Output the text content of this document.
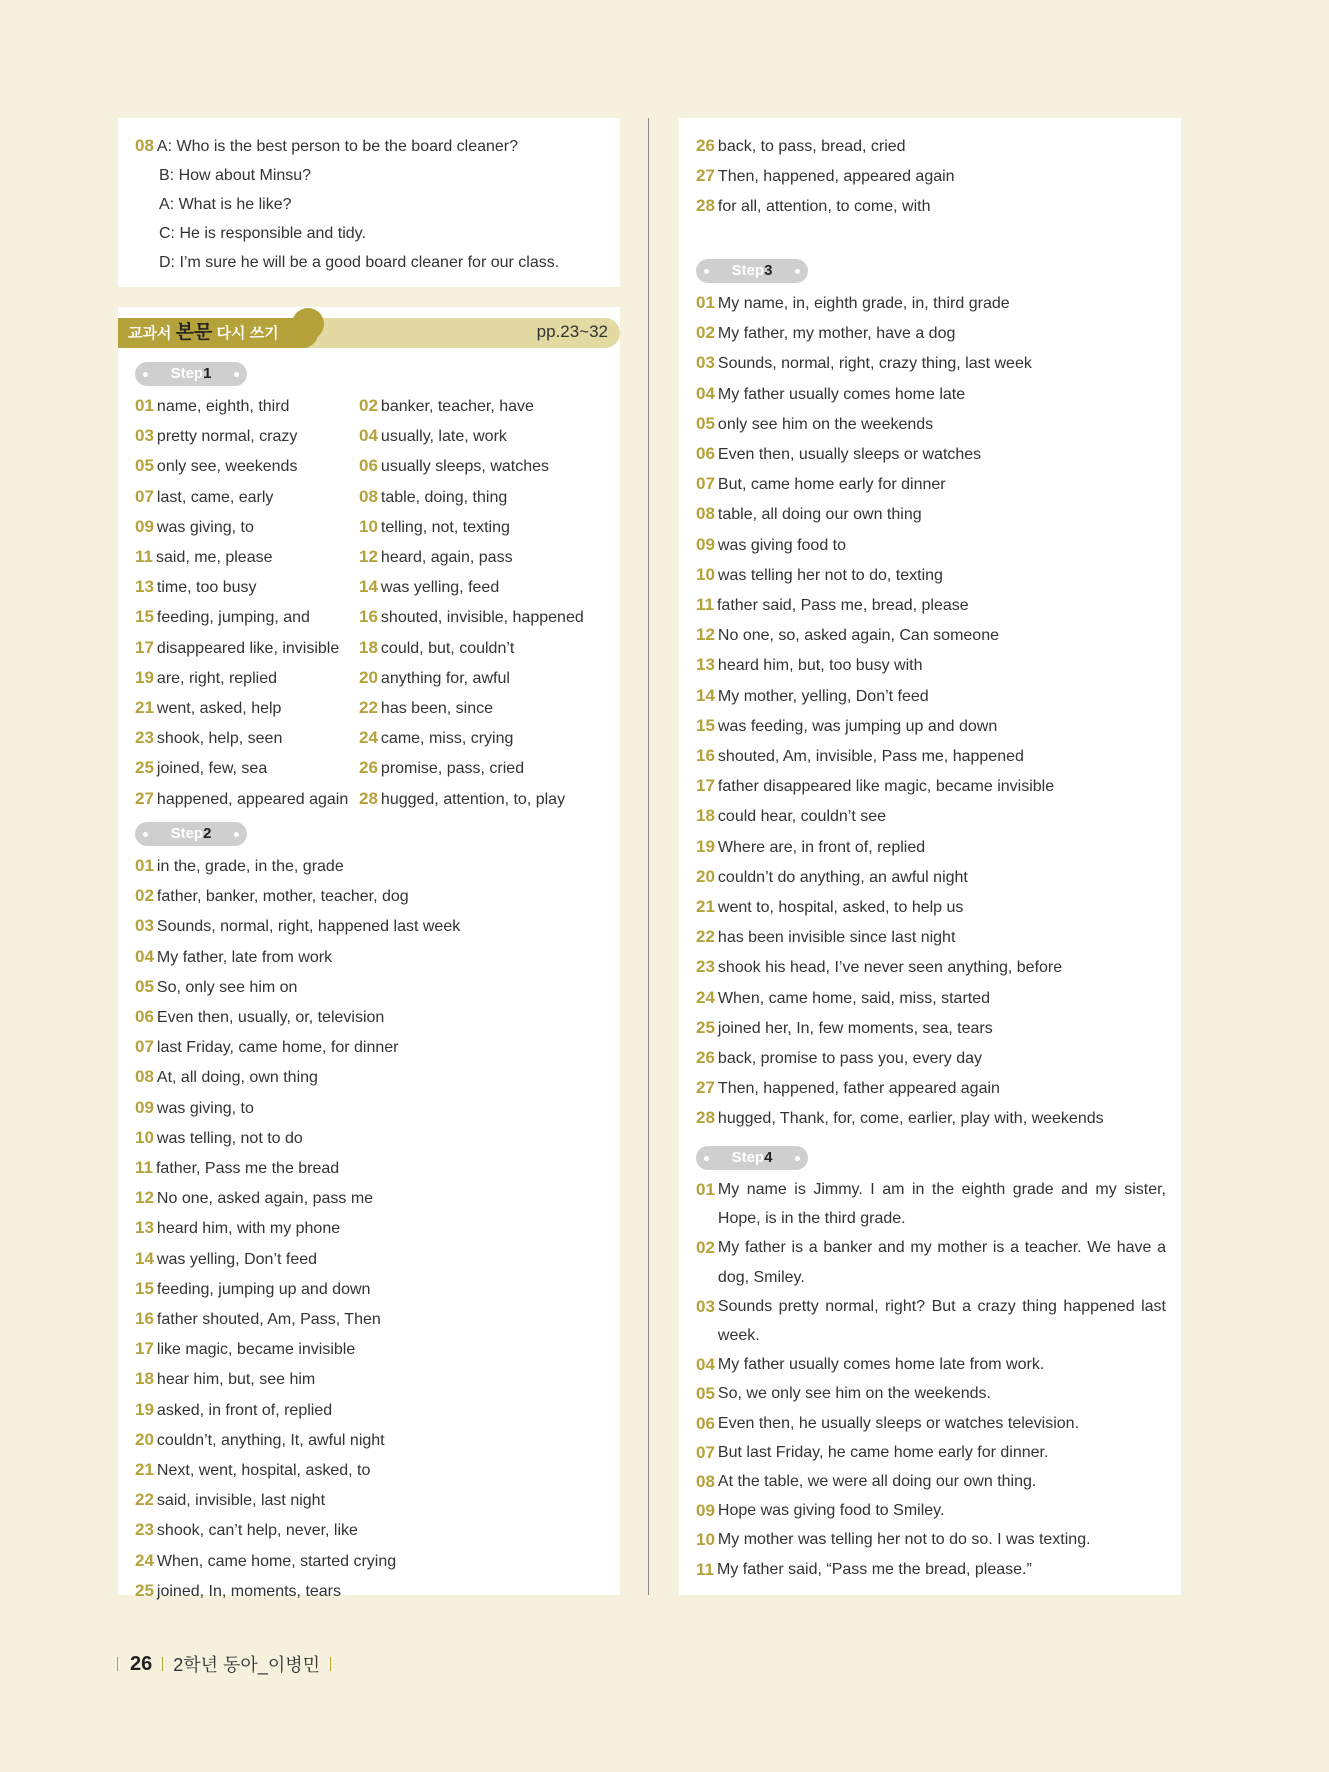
08 A: Who is the best person to be the board cleaner?
B: How about Minsu?
A: What is he like?
C: He is responsible and tidy.
D: I’m sure he will be a good board cleaner for our class.
교과서 본문 다시 쓰기	pp.23~32
Step1
01 name, eighth, third	02 banker, teacher, have
03 pretty normal, crazy	04 usually, late, work
05 only see, weekends	06 usually sleeps, watches
07 last, came, early	08 table, doing, thing
09 was giving, to	10 telling, not, texting
11 said, me, please	12 heard, again, pass
13 time, too busy	14 was yelling, feed
15 feeding, jumping, and	16 shouted, invisible, happened
17 disappeared like, invisible	18 could, but, couldn’t
19 are, right, replied	20 anything for, awful
21 went, asked, help	22 has been, since
23 shook, help, seen	24 came, miss, crying
25 joined, few, sea	26 promise, pass, cried
27 happened, appeared again 28 hugged, attention, to, play
Step2
01 in the, grade, in the, grade
02 father, banker, mother, teacher, dog
03 Sounds, normal, right, happened last week
04 My father, late from work
05 So, only see him on
06 Even then, usually, or, television
07 last Friday, came home, for dinner
08 At, all doing, own thing
09 was giving, to
10 was telling, not to do
11 father, Pass me the bread
12 No one, asked again, pass me
13 heard him, with my phone
14 was yelling, Don’t feed
15 feeding, jumping up and down
16 father shouted, Am, Pass, Then
17 like magic, became invisible
18 hear him, but, see him
19 asked, in front of, replied
20 couldn’t, anything, It, awful night
21 Next, went, hospital, asked, to
22 said, invisible, last night
23 shook, can’t help, never, like
24 When, came home, started crying
25 joined, In, moments, tears
26 back, to pass, bread, cried
27 Then, happened, appeared again
28 for all, attention, to come, with
Step3
01 My name, in, eighth grade, in, third grade
02 My father, my mother, have a dog
03 Sounds, normal, right, crazy thing, last week
04 My father usually comes home late
05 only see him on the weekends
06 Even then, usually sleeps or watches
07 But, came home early for dinner
08 table, all doing our own thing
09 was giving food to
10 was telling her not to do, texting
11 father said, Pass me, bread, please
12 No one, so, asked again, Can someone
13 heard him, but, too busy with
14 My mother, yelling, Don’t feed
15 was feeding, was jumping up and down
16 shouted, Am, invisible, Pass me, happened
17 father disappeared like magic, became invisible
18 could hear, couldn’t see
19 Where are, in front of, replied
20 couldn’t do anything, an awful night
21 went to, hospital, asked, to help us
22 has been invisible since last night
23 shook his head, I’ve never seen anything, before
24 When, came home, said, miss, started
25 joined her, In, few moments, sea, tears
26 back, promise to pass you, every day
27 Then, happened, father appeared again
28 hugged, Thank, for, come, earlier, play with, weekends
Step4
01 My name is Jimmy. I am in the eighth grade and my sister, Hope, is in the third grade.
02 My father is a banker and my mother is a teacher. We have a dog, Smiley.
03 Sounds pretty normal, right? But a crazy thing happened last week.
04 My father usually comes home late from work.
05 So, we only see him on the weekends.
06 Even then, he usually sleeps or watches television.
07 But last Friday, he came home early for dinner.
08 At the table, we were all doing our own thing.
09 Hope was giving food to Smiley.
10 My mother was telling her not to do so. I was texting.
11 My father said, “Pass me the bread, please.”
26 2학년 동아_이병민
